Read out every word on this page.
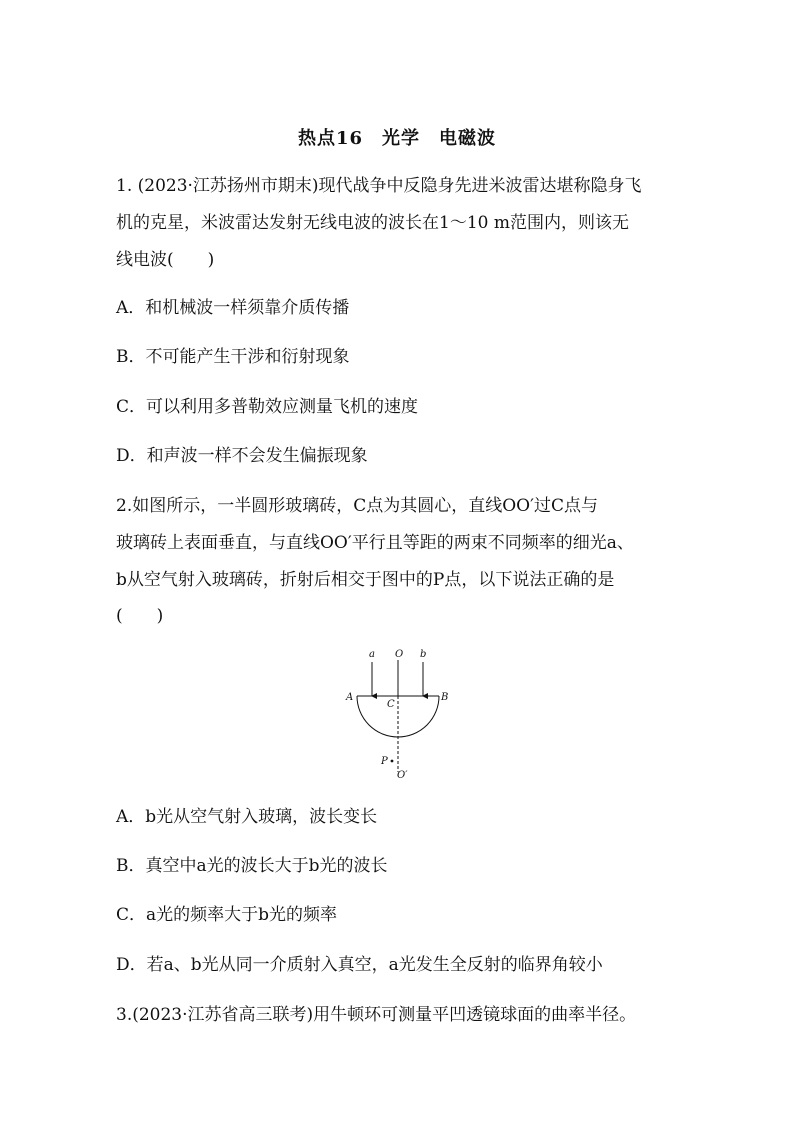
热点16　光学　电磁波
1. (2023·江苏扬州市期末)现代战争中反隐身先进米波雷达堪称隐身飞
机的克星，米波雷达发射无线电波的波长在1～10 m范围内，则该无
线电波(　　)
A．和机械波一样须靠介质传播
B．不可能产生干涉和衍射现象
C．可以利用多普勒效应测量飞机的速度
D．和声波一样不会发生偏振现象
2.如图所示，一半圆形玻璃砖，C点为其圆心，直线OO′过C点与
玻璃砖上表面垂直，与直线OO′平行且等距的两束不同频率的细光a、
b从空气射入玻璃砖，折射后相交于图中的P点，以下说法正确的是
(　　)
a O b
A
C
B
P
O′
A．b光从空气射入玻璃，波长变长
B．真空中a光的波长大于b光的波长
C．a光的频率大于b光的频率
D．若a、b光从同一介质射入真空，a光发生全反射的临界角较小
3.(2023·江苏省高三联考)用牛顿环可测量平凹透镜球面的曲率半径。
